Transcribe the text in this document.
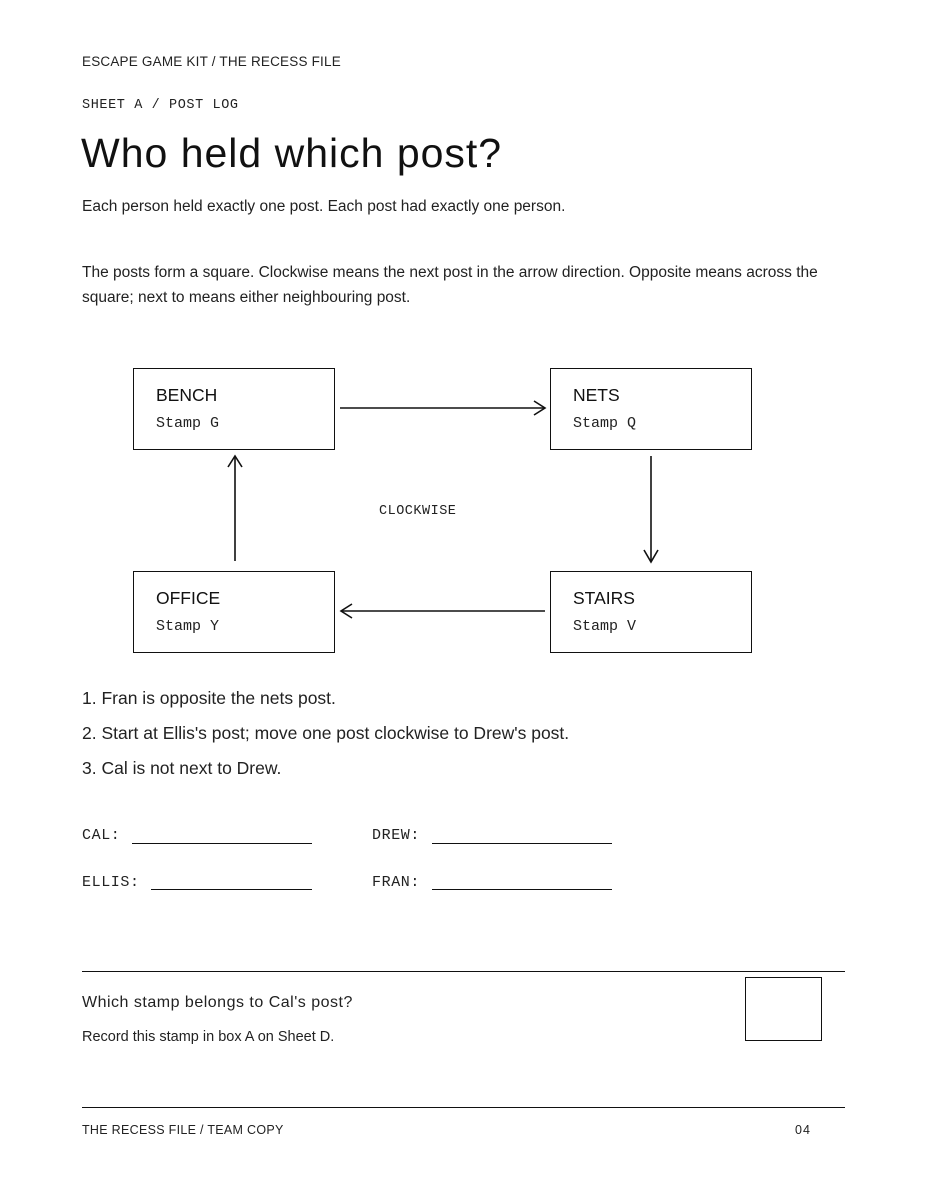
ESCAPE GAME KIT / THE RECESS FILE
SHEET A / POST LOG
Who held which post?
Each person held exactly one post. Each post had exactly one person.
The posts form a square. Clockwise means the next post in the arrow direction. Opposite means across the square; next to means either neighbouring post.
BENCH
Stamp G
NETS
Stamp Q
STAIRS
Stamp V
OFFICE
Stamp Y
CLOCKWISE
1. Fran is opposite the nets post.
2. Start at Ellis's post; move one post clockwise to Drew's post.
3. Cal is not next to Drew.
CAL:	DREW:
ELLIS:	FRAN:
Which stamp belongs to Cal's post?
Record this stamp in box A on Sheet D.
THE RECESS FILE / TEAM COPY	04
